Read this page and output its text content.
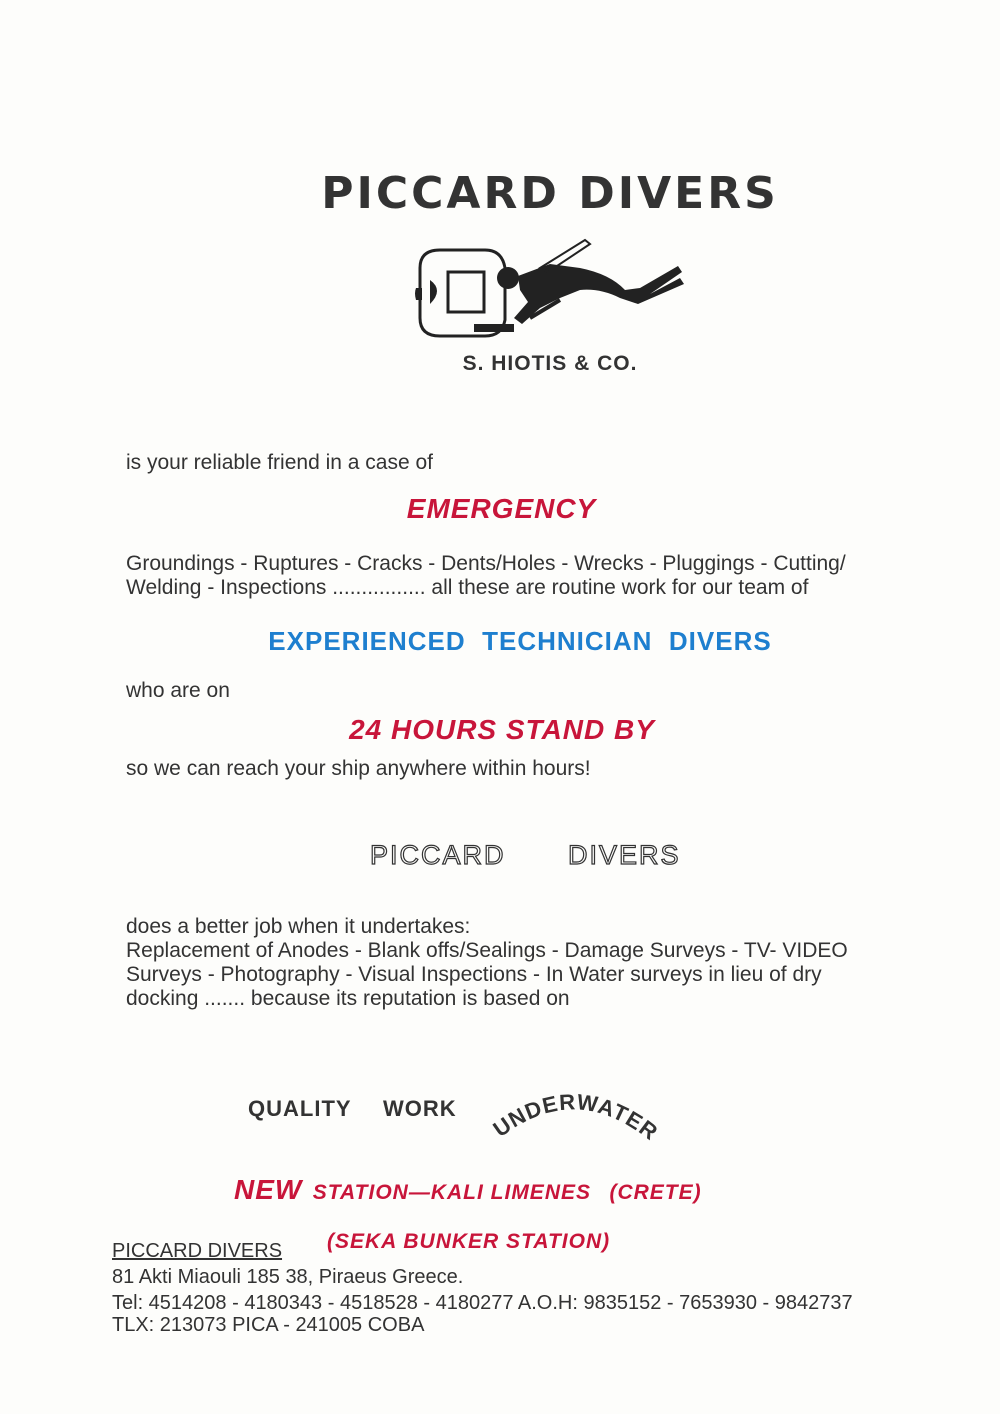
PICCARD DIVERS
S. HIOTIS & CO.
is your reliable friend in a case of
EMERGENCY
Groundings - Ruptures - Cracks - Dents/Holes - Wrecks - Pluggings - Cutting/
Welding - Inspections ................ all these are routine work for our team of
EXPERIENCED  TECHNICIAN  DIVERS
who are on
24 HOURS STAND BY
so we can reach your ship anywhere within hours!
PICCARD DIVERS
does a better job when it undertakes:
Replacement of Anodes - Blank offs/Sealings - Damage Surveys - TV- VIDEO
Surveys - Photography - Visual Inspections - In Water surveys in lieu of dry
docking ....... because its reputation is based on
QUALITY WORK
UNDERWATER
NEW STATION—KALI LIMENES (CRETE)
(SEKA BUNKER STATION)
PICCARD DIVERS
81 Akti Miaouli 185 38, Piraeus Greece.
Tel: 4514208 - 4180343 - 4518528 - 4180277 A.O.H: 9835152 - 7653930 - 9842737
TLX: 213073 PICA - 241005 COBA
